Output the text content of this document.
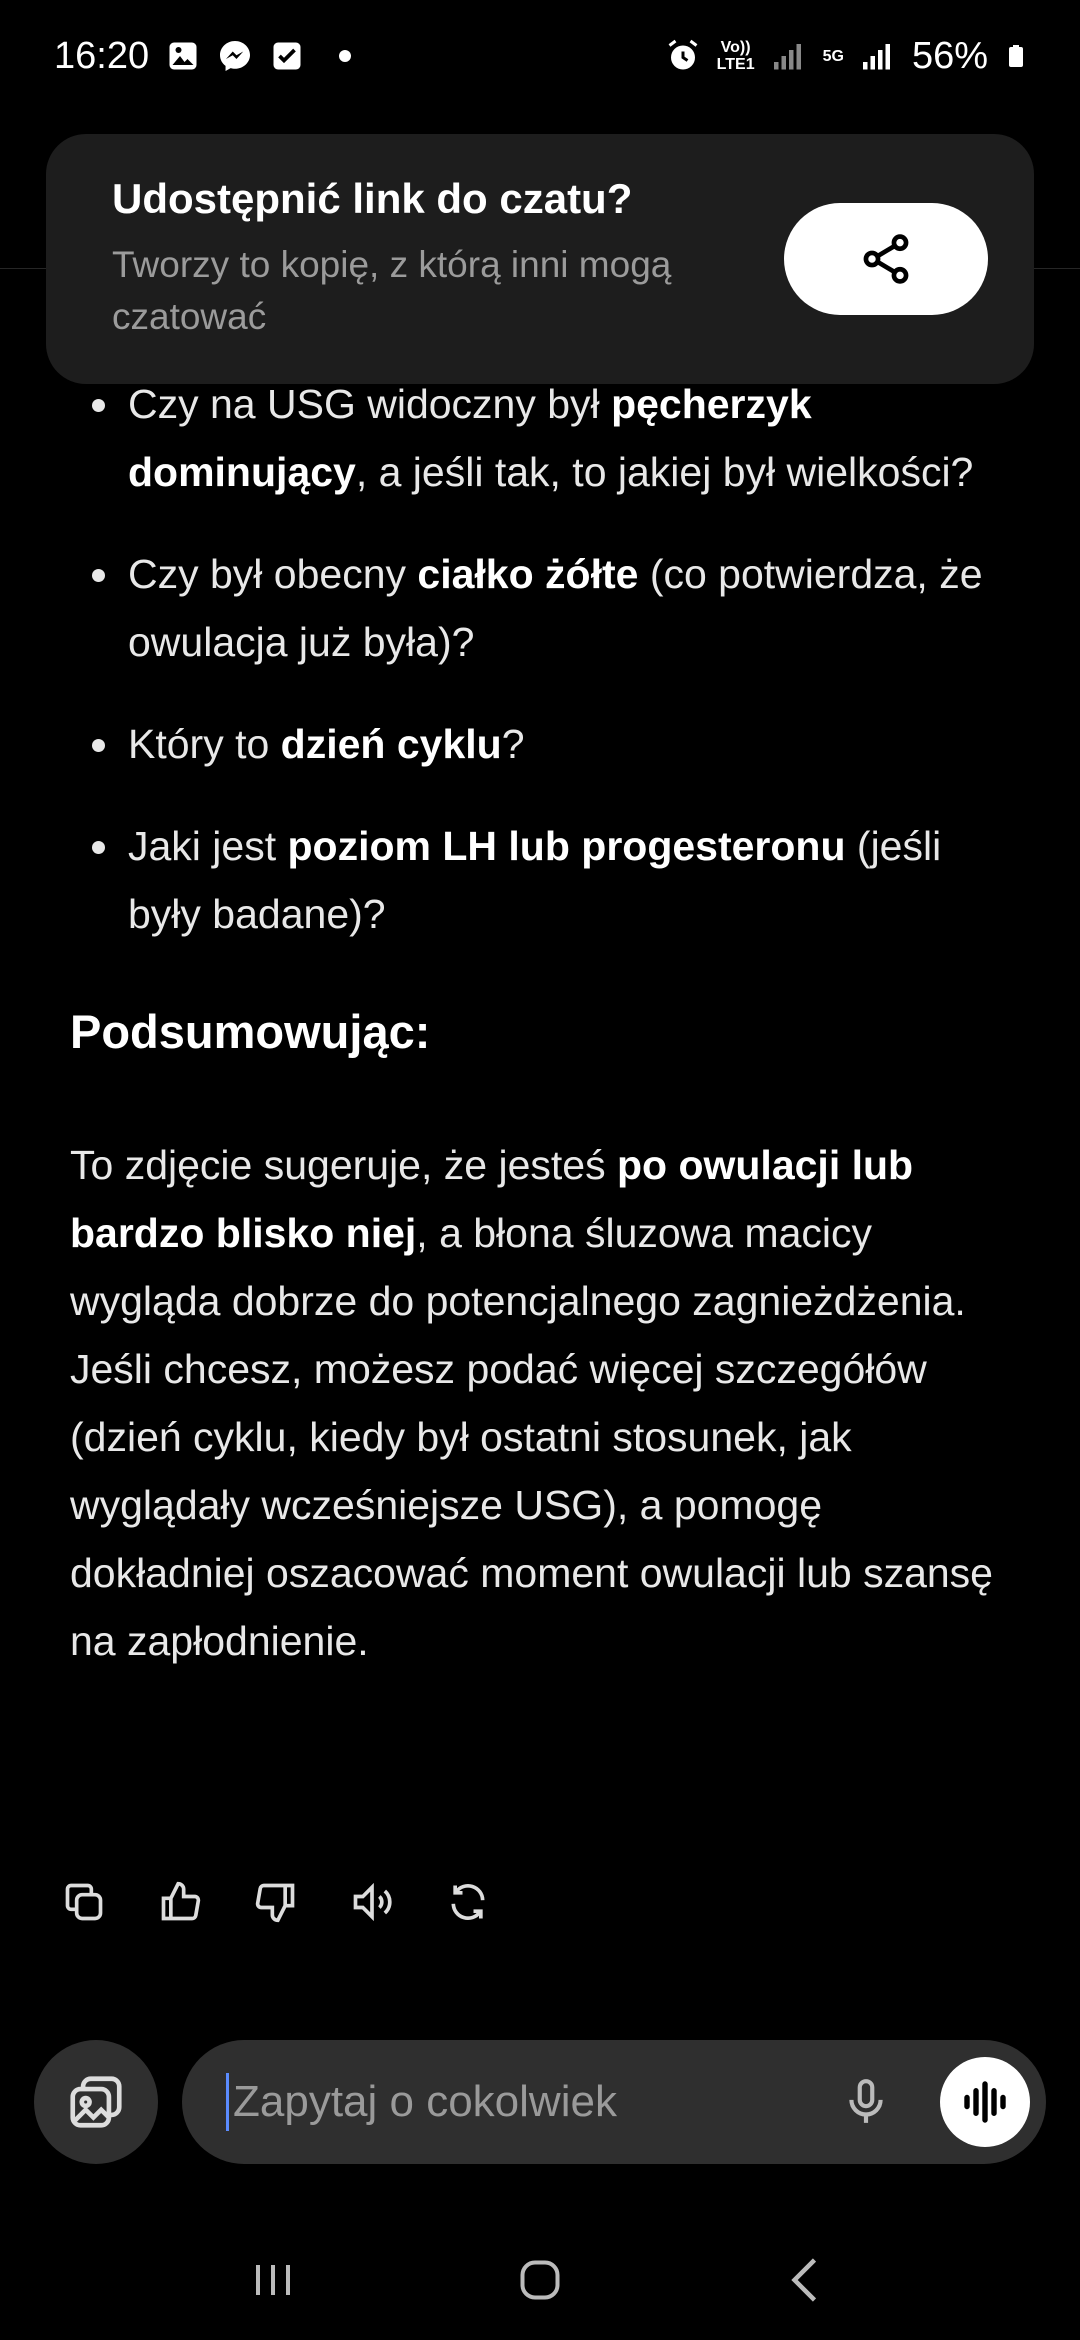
16:20	Vo))
LTE1	5G 56%
Udostępnić link do czatu?
Tworzy to kopię, z którą inni mogą czatować
Czy na USG widoczny był pęcherzyk dominujący, a jeśli tak, to jakiej był wielkości?
Czy był obecny ciałko żółte (co potwierdza, że owulacja już była)?
Który to dzień cyklu?
Jaki jest poziom LH lub progesteronu (jeśli były badane)?
Podsumowując:

To zdjęcie sugeruje, że jesteś po owulacji lub bardzo blisko niej, a błona śluzowa macicy wygląda dobrze do potencjalnego zagnieżdżenia. Jeśli chcesz, możesz podać więcej szczegółów (dzień cyklu, kiedy był ostatni stosunek, jak wyglądały wcześniejsze USG), a pomogę dokładniej oszacować moment owulacji lub szansę na zapłodnienie.

Zapytaj o cokolwiek
